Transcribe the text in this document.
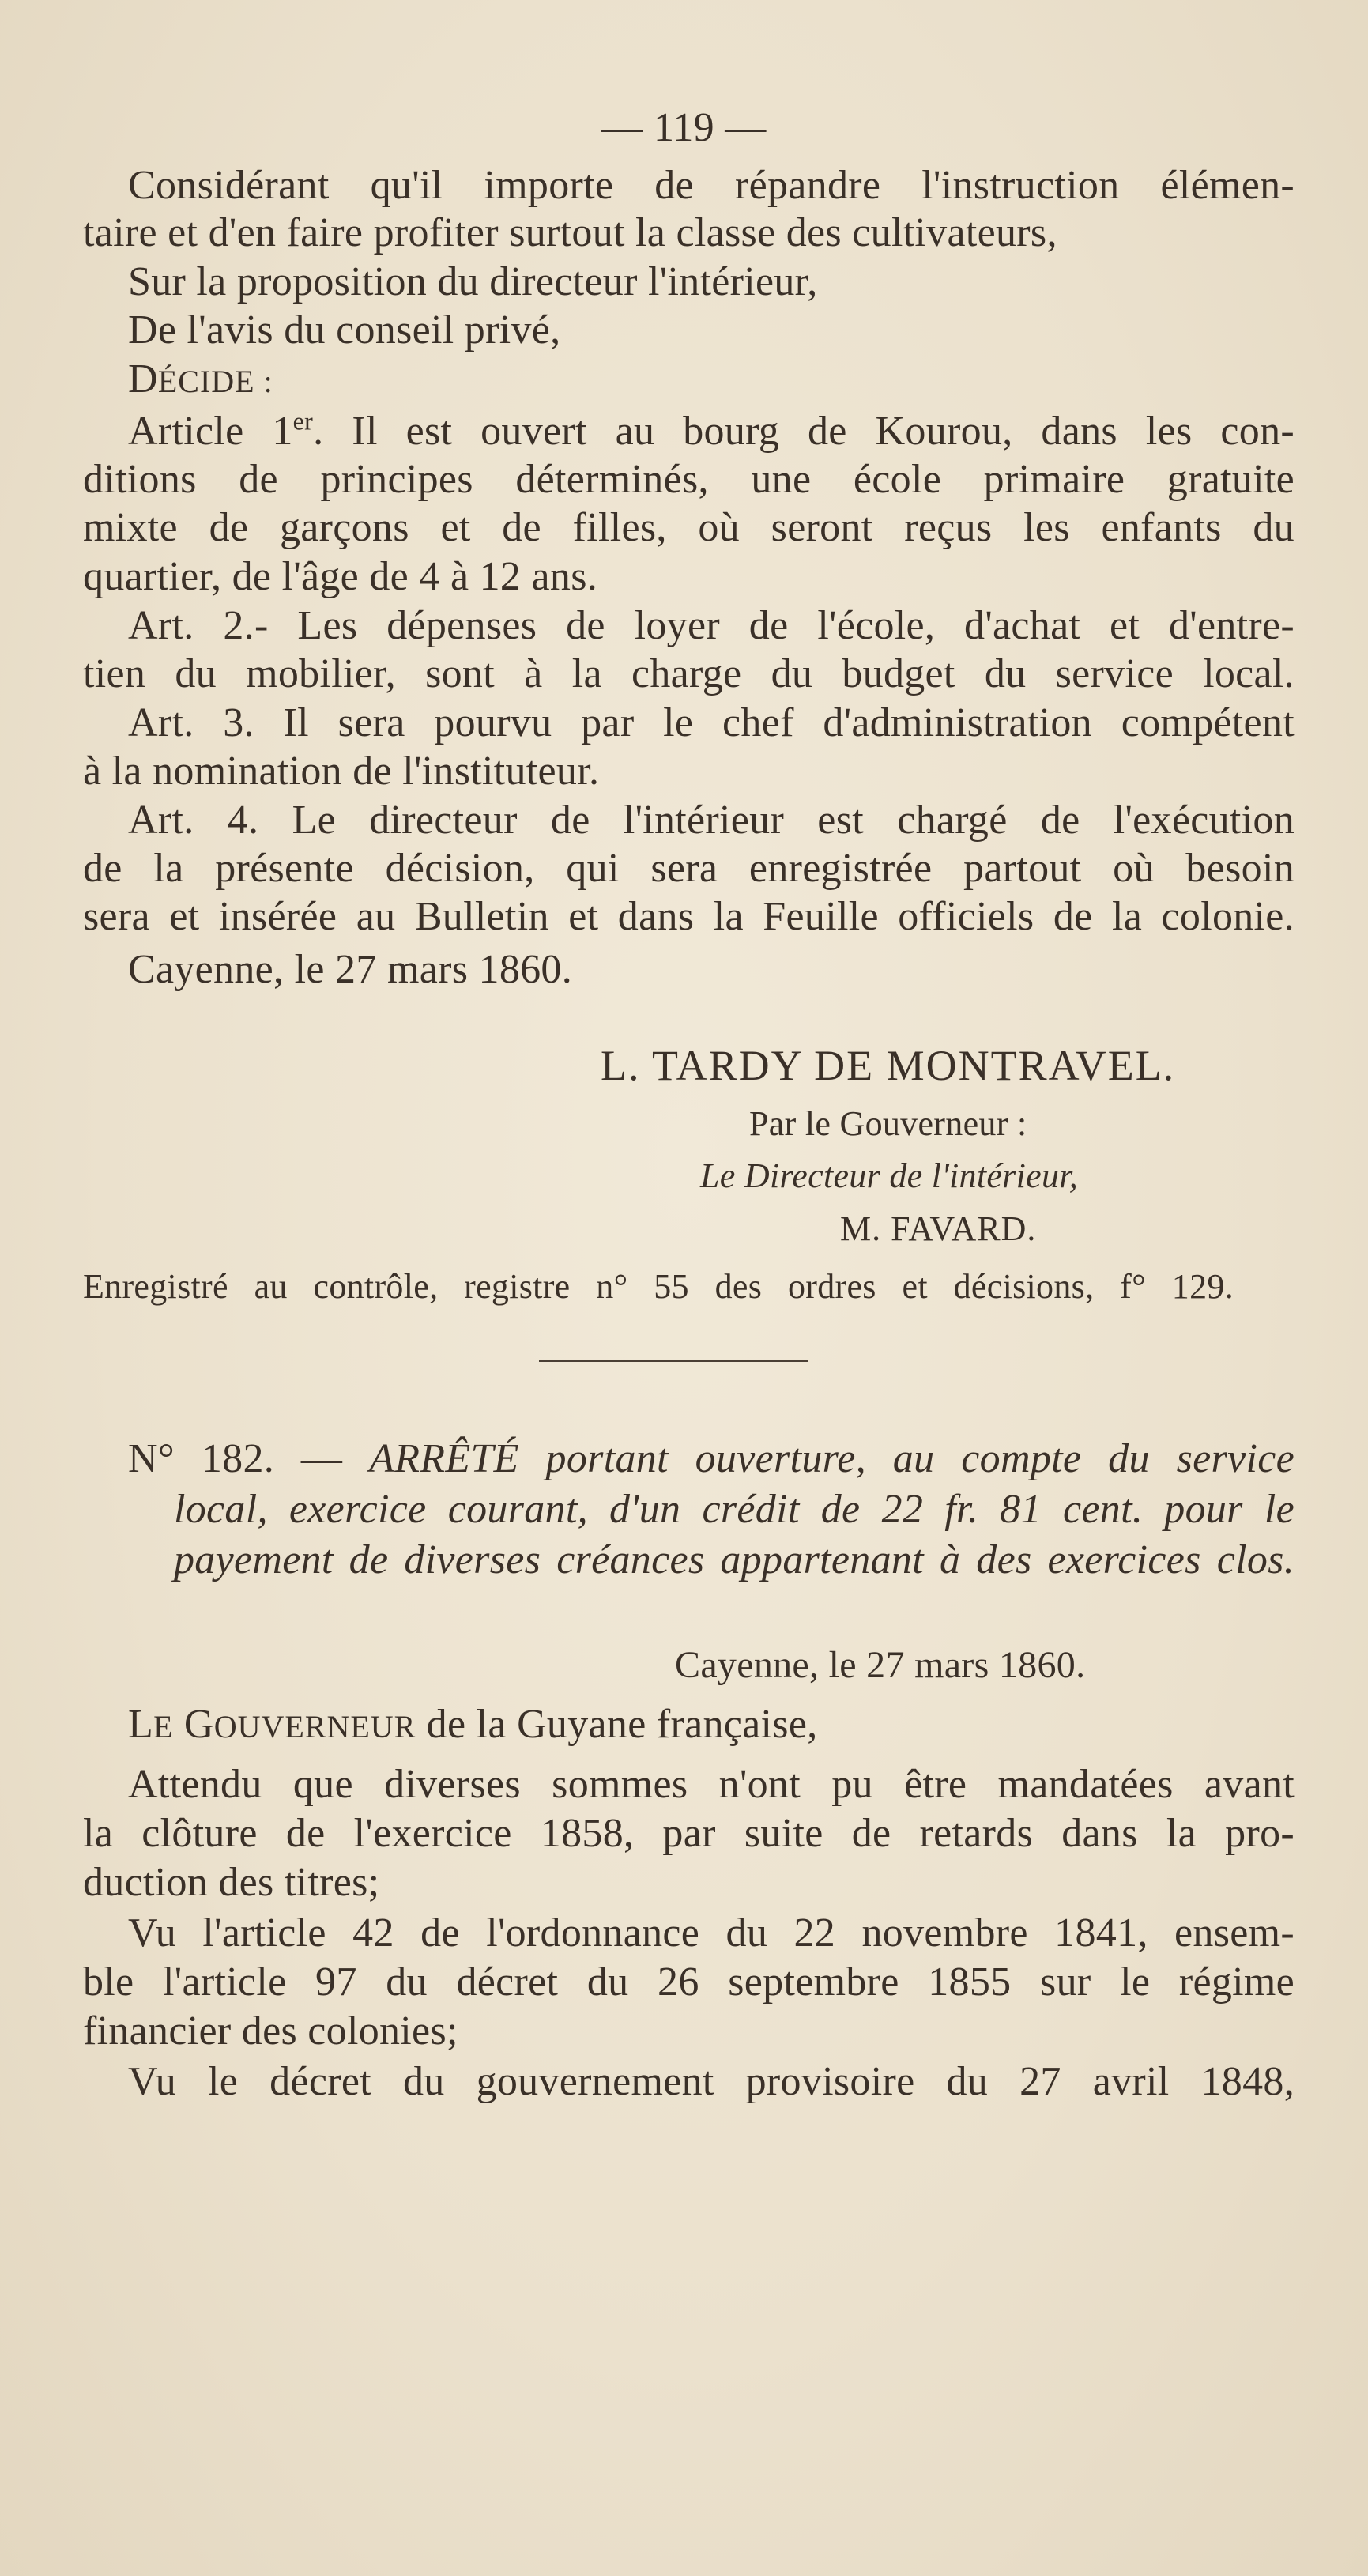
— 119 —
Considérant qu'il importe de répandre l'instruction élémen-
taire et d'en faire profiter surtout la classe des cultivateurs,
Sur la proposition du directeur l'intérieur,
De l'avis du conseil privé,
DÉCIDE :
Article 1er. Il est ouvert au bourg de Kourou, dans les con-
ditions de principes déterminés, une école primaire gratuite
mixte de garçons et de filles, où seront reçus les enfants du
quartier, de l'âge de 4 à 12 ans.
Art. 2.- Les dépenses de loyer de l'école, d'achat et d'entre-
tien du mobilier, sont à la charge du budget du service local.
Art. 3. Il sera pourvu par le chef d'administration compétent
à la nomination de l'instituteur.
Art. 4. Le directeur de l'intérieur est chargé de l'exécution
de la présente décision, qui sera enregistrée partout où besoin
sera et insérée au Bulletin et dans la Feuille officiels de la colonie.
Cayenne, le 27 mars 1860.
L. TARDY DE MONTRAVEL.
Par le Gouverneur :
Le Directeur de l'intérieur,
M. FAVARD.
Enregistré au contrôle, registre n° 55 des ordres et décisions, f° 129.
N° 182. — ARRÊTÉ portant ouverture, au compte du service
local, exercice courant, d'un crédit de 22 fr. 81 cent. pour le
payement de diverses créances appartenant à des exercices clos.
Cayenne, le 27 mars 1860.
LE GOUVERNEUR de la Guyane française,
Attendu que diverses sommes n'ont pu être mandatées avant
la clôture de l'exercice 1858, par suite de retards dans la pro-
duction des titres;
Vu l'article 42 de l'ordonnance du 22 novembre 1841, ensem-
ble l'article 97 du décret du 26 septembre 1855 sur le régime
financier des colonies;
Vu le décret du gouvernement provisoire du 27 avril 1848,
